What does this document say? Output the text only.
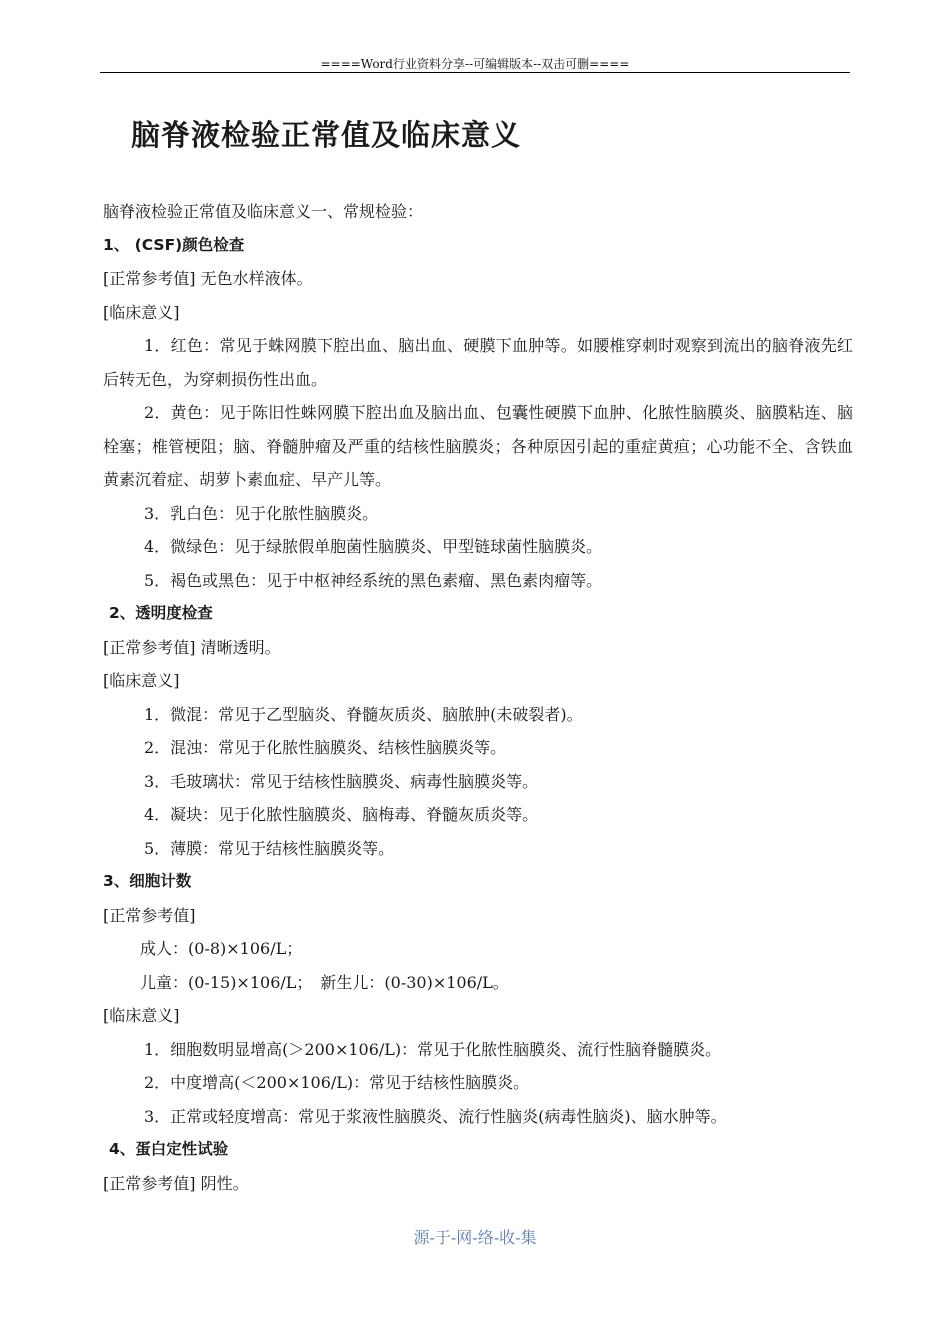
====Word行业资料分享--可编辑版本--双击可删====
脑脊液检验正常值及临床意义

脑脊液检验正常值及临床意义一、常规检验：

1、 (CSF)颜色检查

[正常参考值] 无色水样液体。

[临床意义]

1．红色：常见于蛛网膜下腔出血、脑出血、硬膜下血肿等。如腰椎穿刺时观察到流出的脑脊液先红后转无色，为穿刺损伤性出血。

2．黄色：见于陈旧性蛛网膜下腔出血及脑出血、包囊性硬膜下血肿、化脓性脑膜炎、脑膜粘连、脑栓塞；椎管梗阻；脑、脊髓肿瘤及严重的结核性脑膜炎；各种原因引起的重症黄疸；心功能不全、含铁血黄素沉着症、胡萝卜素血症、早产儿等。

3．乳白色：见于化脓性脑膜炎。

4．微绿色：见于绿脓假单胞菌性脑膜炎、甲型链球菌性脑膜炎。

5．褐色或黑色：见于中枢神经系统的黑色素瘤、黑色素肉瘤等。

2、透明度检查

[正常参考值] 清晰透明。

[临床意义]

1．微混：常见于乙型脑炎、脊髓灰质炎、脑脓肿(未破裂者)。

2．混浊：常见于化脓性脑膜炎、结核性脑膜炎等。

3．毛玻璃状：常见于结核性脑膜炎、病毒性脑膜炎等。

4．凝块：见于化脓性脑膜炎、脑梅毒、脊髓灰质炎等。

5．薄膜：常见于结核性脑膜炎等。

3、细胞计数

[正常参考值]

成人：(0-8)×106/L；

儿童：(0-15)×106/L；　新生儿：(0-30)×106/L。

[临床意义]

1．细胞数明显增高(＞200×106/L)：常见于化脓性脑膜炎、流行性脑脊髓膜炎。

2．中度增高(＜200×106/L)：常见于结核性脑膜炎。

3．正常或轻度增高：常见于浆液性脑膜炎、流行性脑炎(病毒性脑炎)、脑水肿等。

4、蛋白定性试验

[正常参考值] 阴性。

源-于-网-络-收-集
